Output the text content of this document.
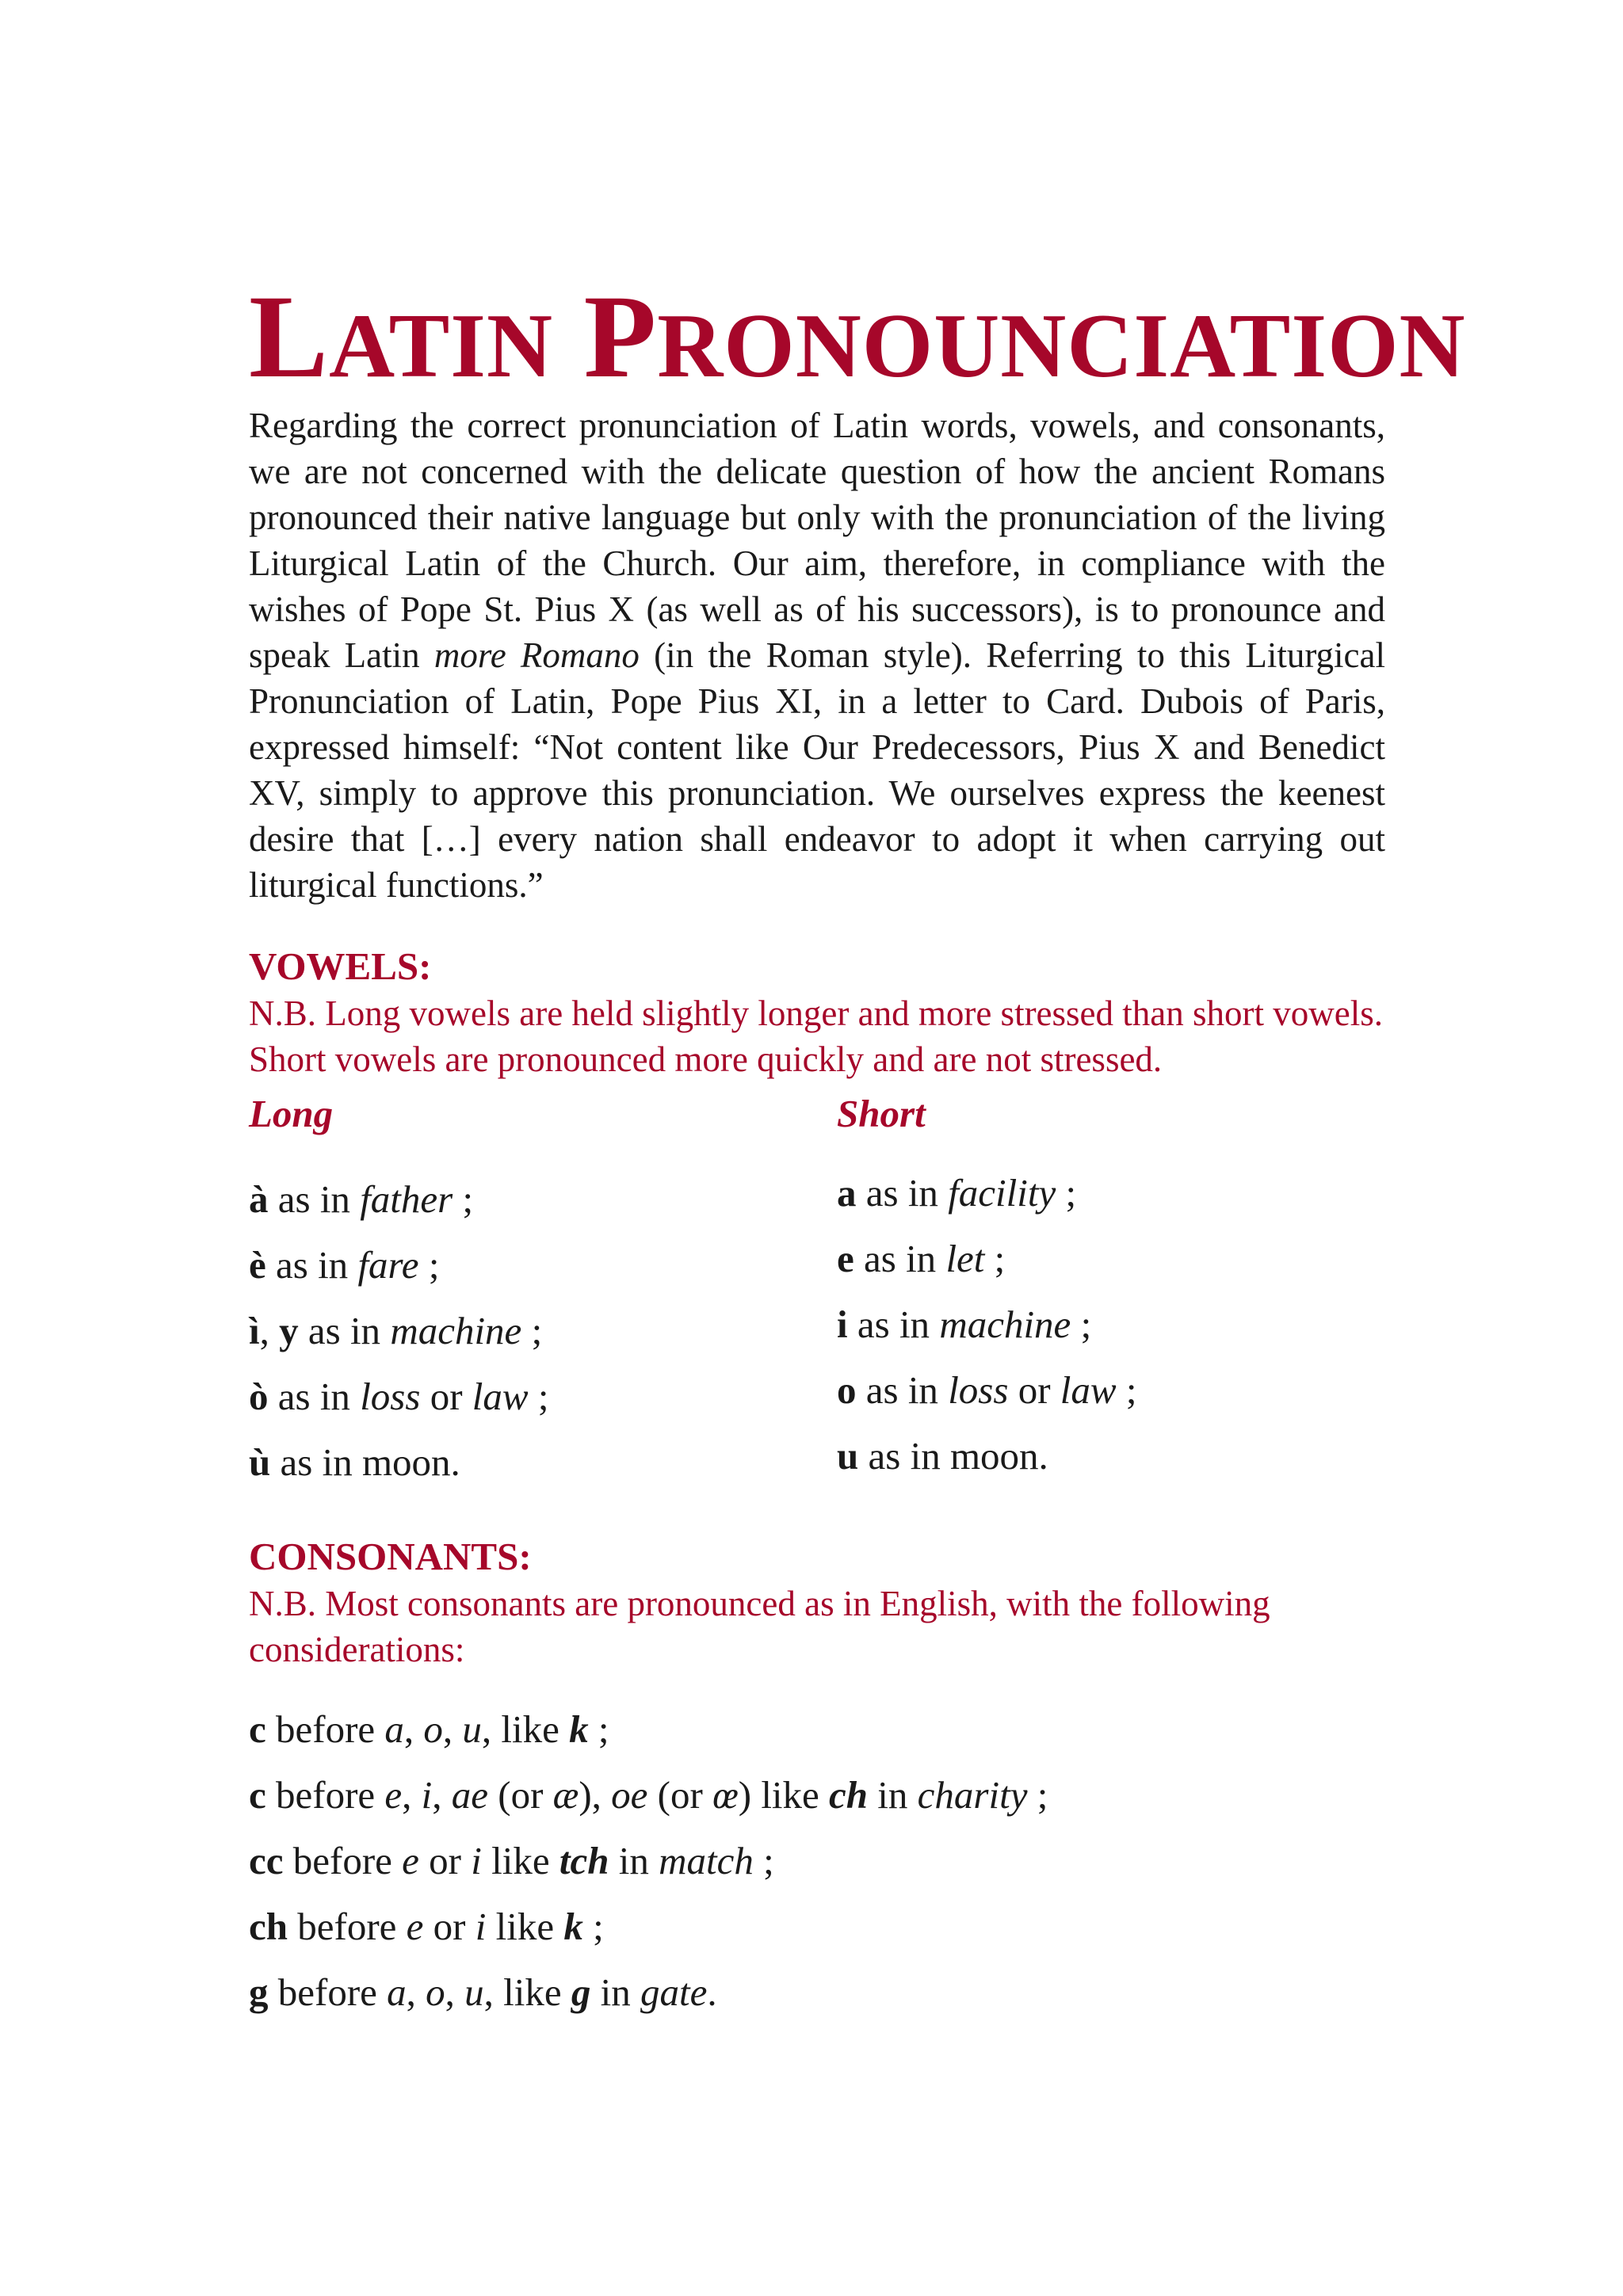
LATIN PRONOUNCIATION

Regarding the correct pronunciation of Latin words, vowels, and consonants, we are not concerned with the delicate question of how the ancient Romans pronounced their native language but only with the pronunciation of the living Liturgical Latin of the Church. Our aim, therefore, in compliance with the wishes of Pope St. Pius X (as well as of his successors), is to pronounce and speak Latin more Romano (in the Roman style). Referring to this Liturgical Pronunciation of Latin, Pope Pius XI, in a letter to Card. Dubois of Paris, expressed himself: “Not content like Our Predecessors, Pius X and Benedict XV, simply to approve this pronunciation. We ourselves express the keenest desire that […] every nation shall endeavor to adopt it when carrying out liturgical functions.”

VOWELS:

N.B. Long vowels are held slightly longer and more stressed than short vowels. Short vowels are pronounced more quickly and are not stressed.

Long
à as in father ;
è as in fare ;
ì, y as in machine ;
ò as in loss or law ;
ù as in moon.
Short
a as in facility ;
e as in let ;
i as in machine ;
o as in loss or law ;
u as in moon.
CONSONANTS:

N.B. Most consonants are pronounced as in English, with the following considerations:

c before a, o, u, like k ;
c before e, i, ae (or æ), oe (or œ) like ch in charity ;
cc before e or i like tch in match ;
ch before e or i like k ;
g before a, o, u, like g in gate.
